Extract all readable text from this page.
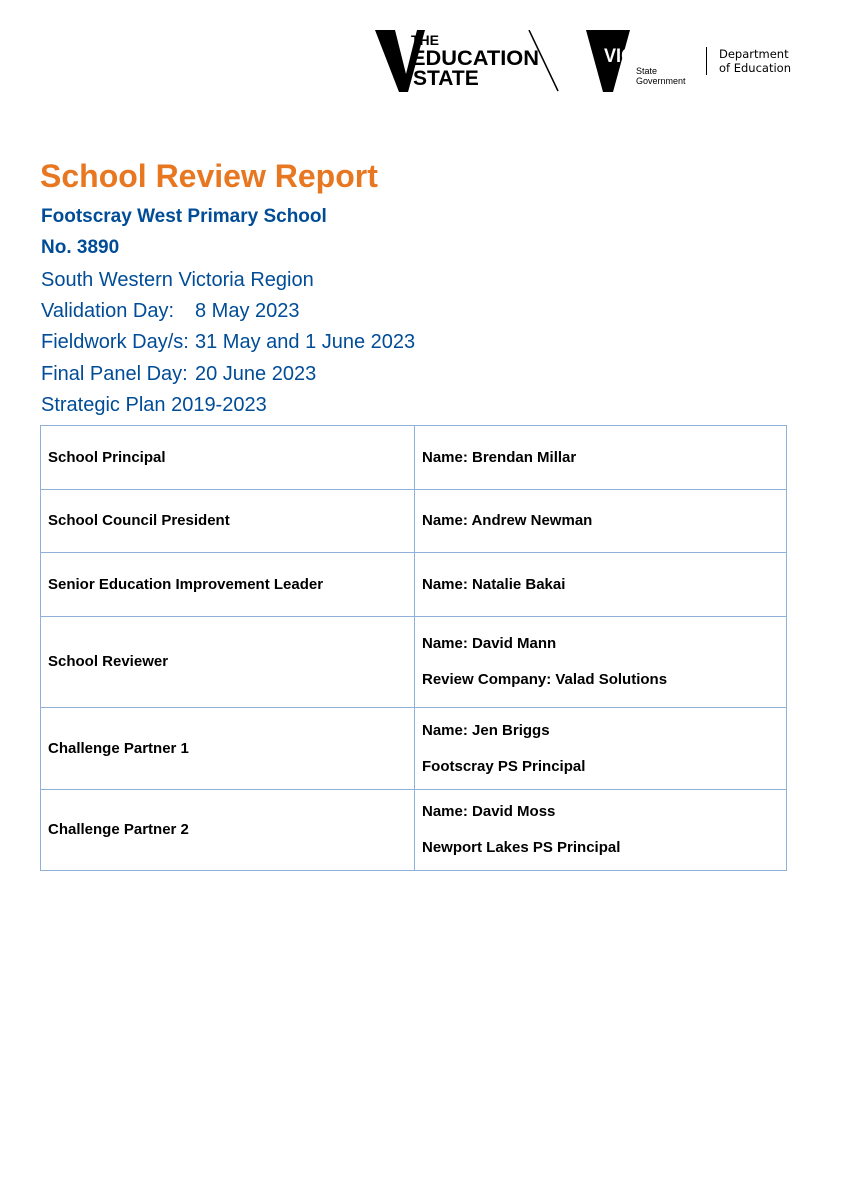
THE
EDUCATION
STATE
VICTORIA
State
Government
Department
of Education
School Review Report

Footscray West Primary School

No. 3890

South Western Victoria Region

Validation Day: 8 May 2023

Fieldwork Day/s: 31 May and 1 June 2023

Final Panel Day: 20 June 2023

Strategic Plan 2019-2023

School Principal	Name: Brendan Millar

School Council President	Name: Andrew Newman

Senior Education Improvement Leader	Name: Natalie Bakai

School Reviewer	Name: David Mann
Review Company: Valad Solutions

Challenge Partner 1	Name: Jen Briggs
Footscray PS Principal

Challenge Partner 2	Name: David Moss
Newport Lakes PS Principal
